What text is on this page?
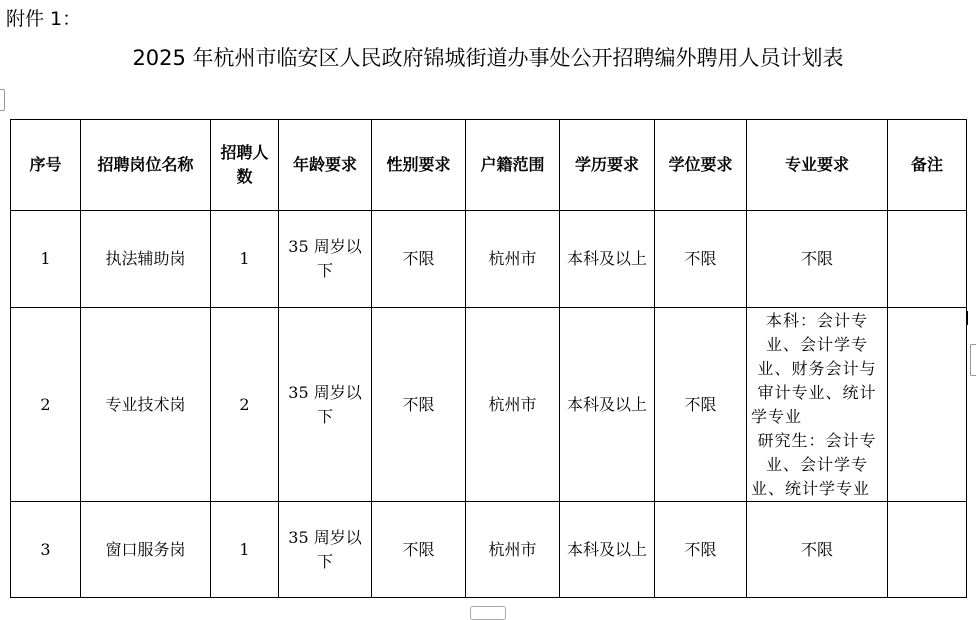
附件 1：
2025 年杭州市临安区人民政府锦城街道办事处公开招聘编外聘用人员计划表
序号	招聘岗位名称	招聘人数	年龄要求	性别要求	户籍范围	学历要求	学位要求	专业要求	备注
1	执法辅助岗	1	35 周岁以下	不限	杭州市	本科及以上	不限	不限	
2	专业技术岗	2	35 周岁以下	不限	杭州市	本科及以上	不限	本科：会计专业、会计学专业、财务会计与审计专业、统计学专业
研究生：会计专业、会计学专业、统计学专业	

3	窗口服务岗	1	35 周岁以下	不限	杭州市	本科及以上	不限	不限	
